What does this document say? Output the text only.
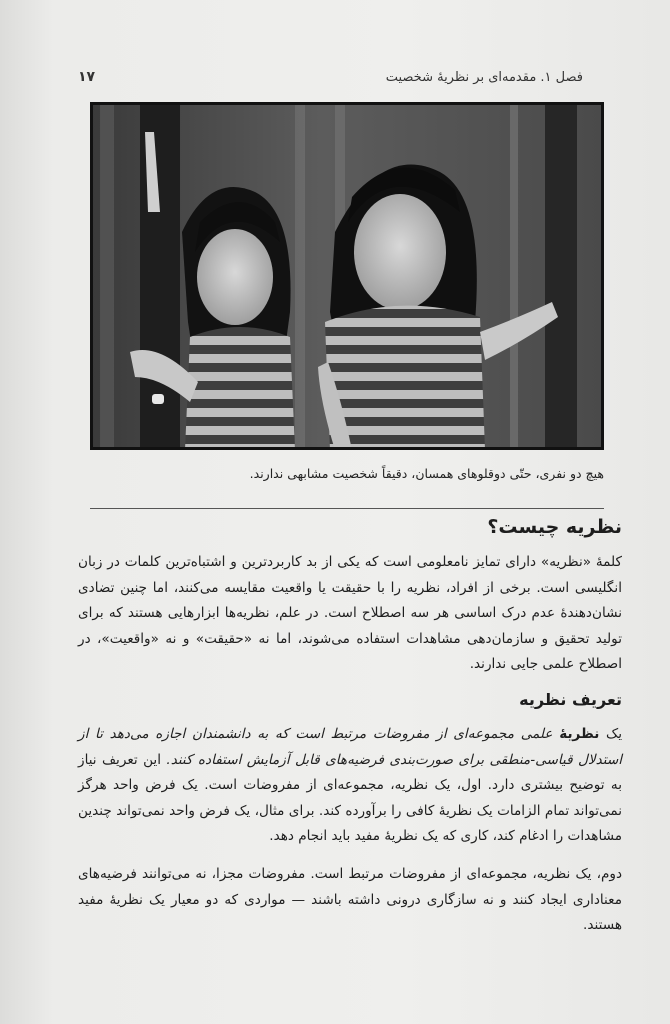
فصل ۱. مقدمه‌ای بر نظریهٔ شخصیت
۱۷
هیچ دو نفری، حتّی دوقلوهای همسان، دقیقاً شخصیت مشابهی ندارند.
نظریه چیست؟
کلمهٔ «نظریه» دارای تمایز نامعلومی است که یکی از بد کاربردترین و اشتباه‌ترین کلمات در زبان انگلیسی است. برخی از افراد، نظریه را با حقیقت یا واقعیت مقایسه می‌کنند، اما چنین تضادی نشان‌دهندهٔ عدم درک اساسی هر سه اصطلاح است. در علم، نظریه‌ها ابزارهایی هستند که برای تولید تحقیق و سازمان‌دهی مشاهدات استفاده می‌شوند، اما نه «حقیقت» و نه «واقعیت»، در اصطلاح علمی جایی ندارند.
تعریف نظریه
یک نظریهٔ علمی مجموعه‌ای از مفروضات مرتبط است که به دانشمندان اجازه می‌دهد تا از استدلال قیاسی-منطقی برای صورت‌بندی فرضیه‌های قابل آزمایش استفاده کنند. این تعریف نیاز به توضیح بیشتری دارد. اول، یک نظریه، مجموعه‌ای از مفروضات است. یک فرض واحد هرگز نمی‌تواند تمام الزامات یک نظریهٔ کافی را برآورده کند. برای مثال، یک فرض واحد نمی‌تواند چندین مشاهدات را ادغام کند، کاری که یک نظریهٔ مفید باید انجام دهد.
دوم، یک نظریه، مجموعه‌ای از مفروضات مرتبط است. مفروضات مجزا، نه می‌توانند فرضیه‌های معناداری ایجاد کنند و نه سازگاری درونی داشته باشند — مواردی که دو معیار یک نظریهٔ مفید هستند.
